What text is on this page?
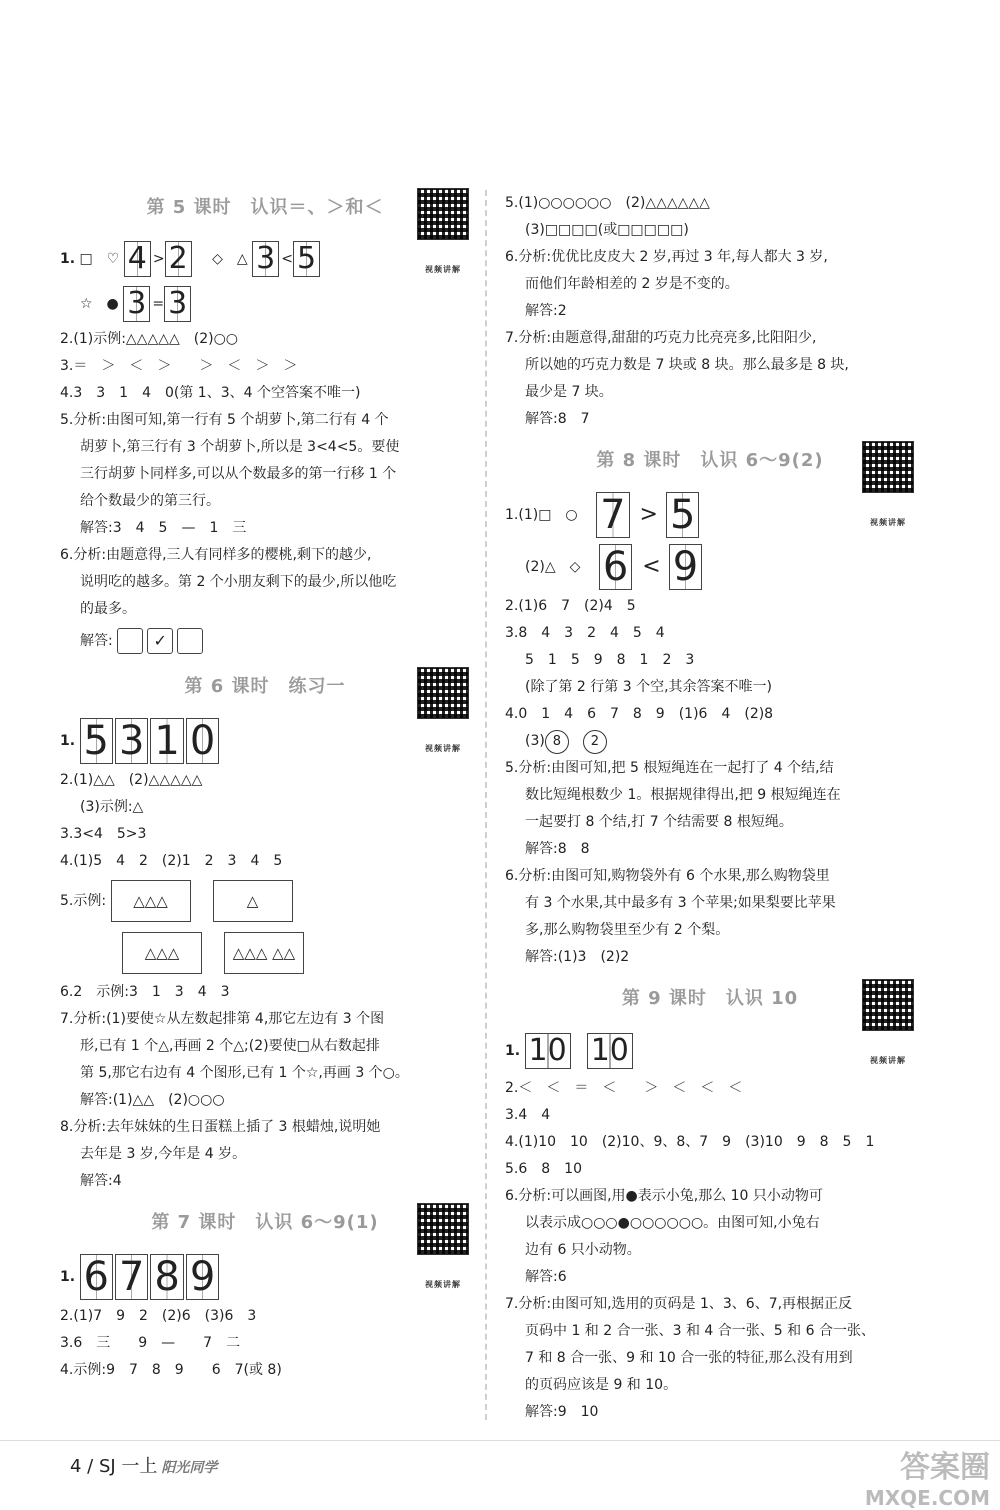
第 5 课时　认识＝、＞和＜
视频讲解
1. □　♡ 4 > 2 　 ◇　△ 3 < 5
☆　● 3 = 3
2.(1)示例:△△△△△　(2)○○
3.＝　＞　＜　＞　　＞　＜　＞　＞
4.3　3　1　4　0(第 1、3、4 个空答案不唯一)
5.分析:由图可知,第一行有 5 个胡萝卜,第二行有 4 个
胡萝卜,第三行有 3 个胡萝卜,所以是 3<4<5。要使
三行胡萝卜同样多,可以从个数最多的第一行移 1 个
给个数最少的第三行。
解答:3　4　5　—　1　三
6.分析:由题意得,三人有同样多的樱桃,剩下的越少,
说明吃的越多。第 2 个小朋友剩下的最少,所以他吃
的最多。
解答:	✓
第 6 课时　练习一
视频讲解
1. 5 3 1 0
2.(1)△△　(2)△△△△△
(3)示例:△
3.3<4　5>3
4.(1)5　4　2　(2)1　2　3　4　5
5.示例: △△△	△
△△△	△△△ △△
6.2　示例:3　1　3　4　3
7.分析:(1)要使☆从左数起排第 4,那它左边有 3 个图
形,已有 1 个△,再画 2 个△;(2)要使□从右数起排
第 5,那它右边有 4 个图形,已有 1 个☆,再画 3 个○。
解答:(1)△△　(2)○○○
8.分析:去年妹妹的生日蛋糕上插了 3 根蜡烛,说明她
去年是 3 岁,今年是 4 岁。
解答:4
第 7 课时　认识 6～9(1)
视频讲解
1. 6 7 8 9
2.(1)7　9　2　(2)6　(3)6　3
3.6　三　　9　—　　7　二
4.示例:9　7　8　9　　6　7(或 8)
5.(1)○○○○○○　(2)△△△△△△
(3)□□□□(或□□□□□)
6.分析:优优比皮皮大 2 岁,再过 3 年,每人都大 3 岁,
而他们年龄相差的 2 岁是不变的。
解答:2
7.分析:由题意得,甜甜的巧克力比亮亮多,比阳阳少,
所以她的巧克力数是 7 块或 8 块。那么最多是 8 块,
最少是 7 块。
解答:8　7
第 8 课时　认识 6～9(2)
视频讲解
1.(1)□　○　 7 > 5
(2)△　◇　 6 < 9
2.(1)6　7　(2)4　5
3.8　4　3　2　4　5　4
5　1　5　9　8　1　2　3
(除了第 2 行第 3 个空,其余答案不唯一)
4.0　1　4　6　7　8　9　(1)6　4　(2)8
(3) 8 2
5.分析:由图可知,把 5 根短绳连在一起打了 4 个结,结
数比短绳根数少 1。根据规律得出,把 9 根短绳连在
一起要打 8 个结,打 7 个结需要 8 根短绳。
解答:8　8
6.分析:由图可知,购物袋外有 6 个水果,那么购物袋里
有 3 个水果,其中最多有 3 个苹果;如果梨要比苹果
多,那么购物袋里至少有 2 个梨。
解答:(1)3　(2)2
第 9 课时　认识 10
视频讲解
1. 10　 10
2.＜　＜　＝　＜　　＞　＜　＜　＜
3.4　4
4.(1)10　10　(2)10、9、8、7　9　(3)10　9　8　5　1
5.6　8　10
6.分析:可以画图,用●表示小兔,那么 10 只小动物可
以表示成○○○●○○○○○○。由图可知,小兔右
边有 6 只小动物。
解答:6
7.分析:由图可知,选用的页码是 1、3、6、7,再根据正反
页码中 1 和 2 合一张、3 和 4 合一张、5 和 6 合一张、
7 和 8 合一张、9 和 10 合一张的特征,那么没有用到
的页码应该是 9 和 10。
解答:9　10
4 / SJ 一上 阳光同学	答案圈
MXQE.COM
